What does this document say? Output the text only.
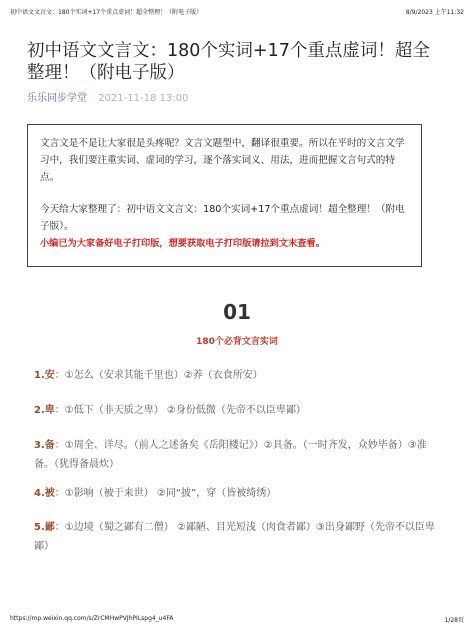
初中语文文言文：180个实词+17个重点虚词！超全整理！（附电子版）	8/9/2023 上午11:32
初中语文文言文：180个实词+17个重点虚词！超全整理！（附电子版）
乐乐同步学堂 2021-11-18 13:00

文言文是不是让大家很是头疼呢？文言文题型中，翻译很重要。所以在平时的文言文学习中，我们要注重实词、虚词的学习，逐个落实词义、用法，进而把握文言句式的特点。

今天给大家整理了：初中语文文言文：180个实词+17个重点虚词！超全整理！（附电子版）。

小编已为大家备好电子打印版，想要获取电子打印版请拉到文末查看。

01
180个必背文言实词
1.安：①怎么（安求其能千里也）②养（衣食所安）
2.卑：①低下（非天质之卑） ②身份低微（先帝不以臣卑鄙）
3.备：①周全、详尽。（前人之述备矣《岳阳楼记》）②具备。（一时齐发，众妙毕备）③准备。（犹得备晨炊）
4.被：①影响（被于来世） ②同“披”，穿（皆被绮绣）
5.鄙：①边境（蜀之鄙有二僧） ②鄙陋、目光短浅（肉食者鄙）③出身鄙野（先帝不以臣卑鄙）
https://mp.weixin.qq.com/s/ZrCMHwPVJhPILspg4_u4FA	1/28页
